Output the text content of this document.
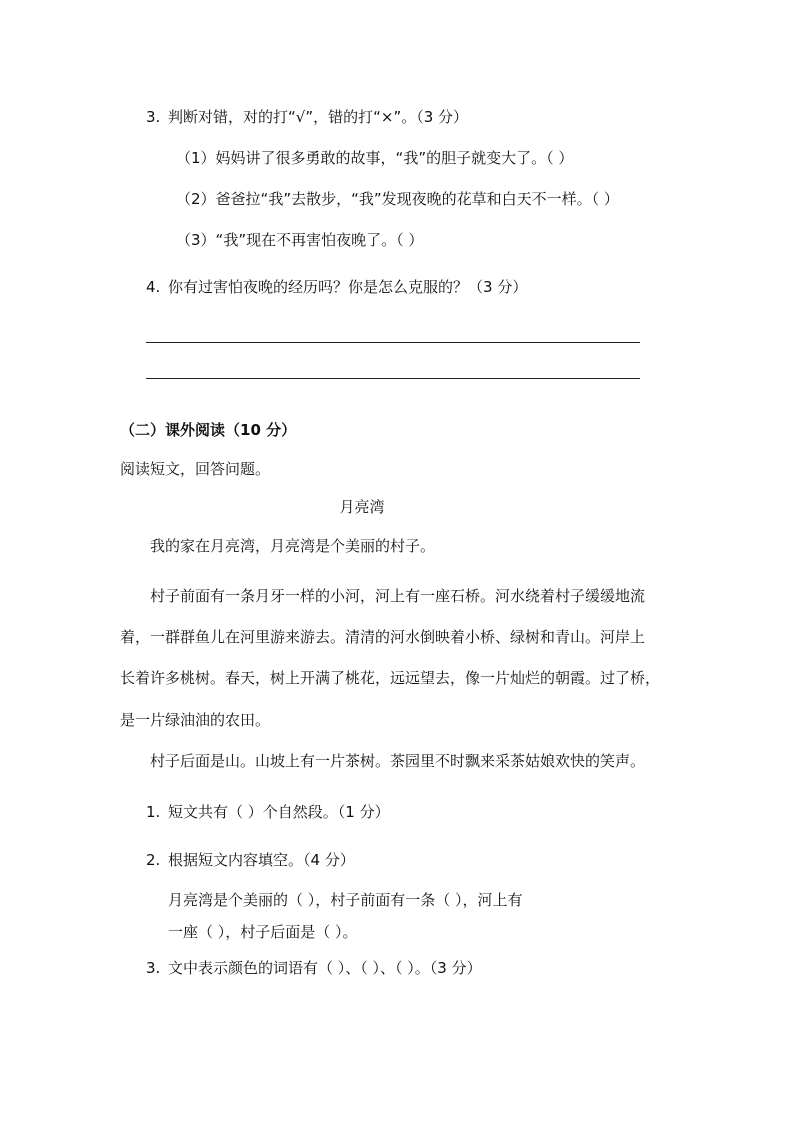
3. 判断对错，对的打“√”，错的打“×”。（3 分）
（1）妈妈讲了很多勇敢的故事，“我”的胆子就变大了。（ ）
（2）爸爸拉“我”去散步，“我”发现夜晚的花草和白天不一样。（ ）
（3）“我”现在不再害怕夜晚了。（ ）
4. 你有过害怕夜晚的经历吗？你是怎么克服的？（3 分）
（二）课外阅读（10 分）
阅读短文，回答问题。
月亮湾
我的家在月亮湾，月亮湾是个美丽的村子。
村子前面有一条月牙一样的小河，河上有一座石桥。河水绕着村子缓缓地流
着，一群群鱼儿在河里游来游去。清清的河水倒映着小桥、绿树和青山。河岸上
长着许多桃树。春天，树上开满了桃花，远远望去，像一片灿烂的朝霞。过了桥，
是一片绿油油的农田。
村子后面是山。山坡上有一片茶树。茶园里不时飘来采茶姑娘欢快的笑声。
1. 短文共有（ ）个自然段。（1 分）
2. 根据短文内容填空。（4 分）
月亮湾是个美丽的（ ），村子前面有一条（ ），河上有
一座（ ），村子后面是（ ）。
3. 文中表示颜色的词语有（ ）、（ ）、（ ）。（3 分）
